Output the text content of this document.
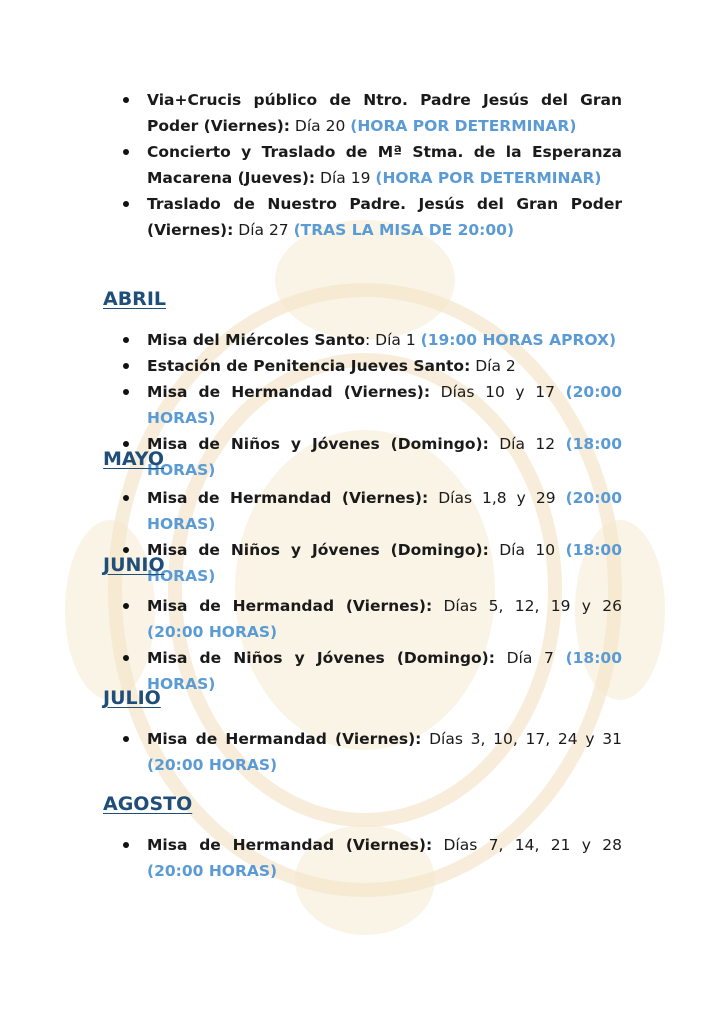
Via+Crucis público de Ntro. Padre Jesús del Gran Poder (Viernes): Día 20 (HORA POR DETERMINAR)
Concierto y Traslado de Mª Stma. de la Esperanza Macarena (Jueves): Día 19 (HORA POR DETERMINAR)
Traslado de Nuestro Padre. Jesús del Gran Poder (Viernes): Día 27 (TRAS LA MISA DE 20:00)
ABRIL
Misa del Miércoles Santo: Día 1 (19:00 HORAS APROX)
Estación de Penitencia Jueves Santo: Día 2
Misa de Hermandad (Viernes): Días 10 y 17 (20:00 HORAS)
Misa de Niños y Jóvenes (Domingo): Día 12 (18:00 HORAS)
MAYO
Misa de Hermandad (Viernes): Días 1,8 y 29 (20:00 HORAS)
Misa de Niños y Jóvenes (Domingo): Día 10 (18:00 HORAS)
JUNIO
Misa de Hermandad (Viernes): Días 5, 12, 19 y 26 (20:00 HORAS)
Misa de Niños y Jóvenes (Domingo): Día 7 (18:00 HORAS)
JULIO
Misa de Hermandad (Viernes): Días 3, 10, 17, 24 y 31 (20:00 HORAS)
AGOSTO
Misa de Hermandad (Viernes): Días 7, 14, 21 y 28 (20:00 HORAS)
